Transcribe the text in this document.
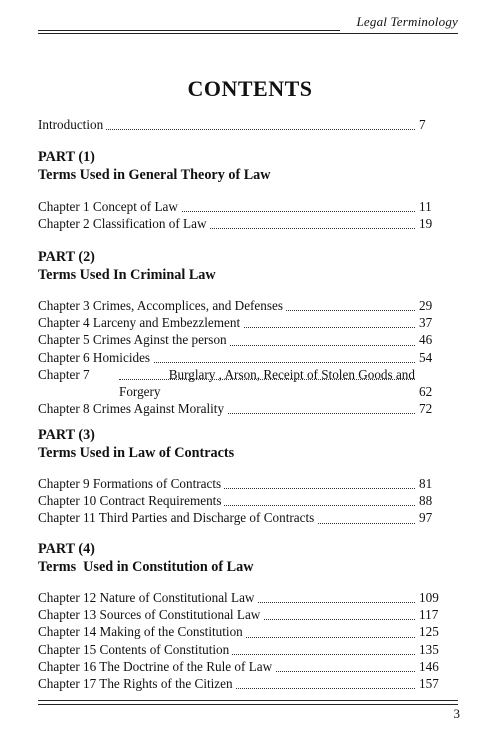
Legal Terminology
CONTENTS
Introduction	7
PART (1)
Terms Used in General Theory of Law
Chapter 1 Concept of Law	11
Chapter 2 Classification of Law	19
PART (2)
Terms Used In Criminal Law
Chapter 3 Crimes, Accomplices, and Defenses	29
Chapter 4 Larceny and Embezzlement	37
Chapter 5 Crimes Aginst the person	46
Chapter 6 Homicides	54
Chapter 7	Burglary , Arson, Receipt of Stolen Goods and
Forgery	62
Chapter 8 Crimes Against Morality	72
PART (3)
Terms Used in Law of Contracts
Chapter 9 Formations of Contracts	81
Chapter 10 Contract Requirements	88
Chapter 11 Third Parties and Discharge of Contracts	97
PART (4)
Terms  Used in Constitution of Law
Chapter 12 Nature of Constitutional Law	109
Chapter 13 Sources of Constitutional Law	117
Chapter 14 Making of the Constitution	125
Chapter 15 Contents of Constitution	135
Chapter 16 The Doctrine of the Rule of Law	146
Chapter 17 The Rights of the Citizen	157
3
